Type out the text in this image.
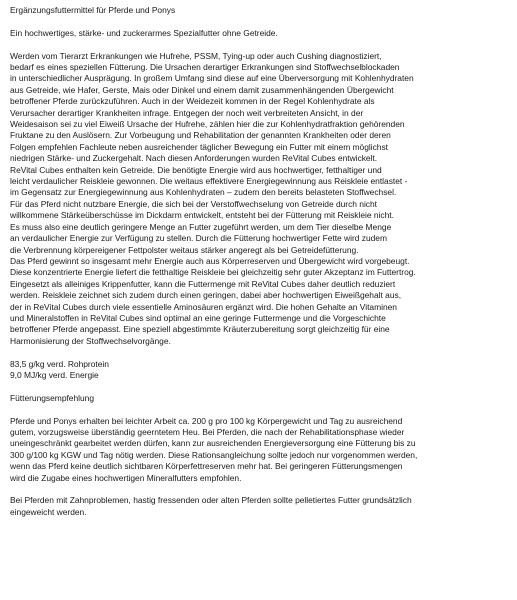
Ergänzungsfuttermittel für Pferde und Ponys

Ein hochwertiges, stärke- und zuckerarmes Spezialfutter ohne Getreide.

Werden vom Tierarzt Erkrankungen wie Hufrehe, PSSM, Tying-up oder auch Cushing diagnostiziert,
bedarf es eines speziellen Fütterung. Die Ursachen derartiger Erkrankungen sind Stoffwechselblockaden
in unterschiedlicher Ausprägung. In großem Umfang sind diese auf eine Überversorgung mit Kohlenhydraten
aus Getreide, wie Hafer, Gerste, Mais oder Dinkel und einem damit zusammenhängenden Übergewicht
betroffener Pferde zurückzuführen. Auch in der Weidezeit kommen in der Regel Kohlenhydrate als
Verursacher derartiger Krankheiten infrage. Entgegen der noch weit verbreiteten Ansicht, in der
Weidesaison sei zu viel Eiweiß Ursache der Hufrehe, zählen hier die zur Kohlenhydratfraktion gehörenden
Fruktane zu den Auslösern. Zur Vorbeugung und Rehabilitation der genannten Krankheiten oder deren
Folgen empfehlen Fachleute neben ausreichender täglicher Bewegung ein Futter mit einem möglichst
niedrigen Stärke- und Zuckergehalt. Nach diesen Anforderungen wurden ReVital Cubes entwickelt.
ReVital Cubes enthalten kein Getreide. Die benötigte Energie wird aus hochwertiger, fetthaltiger und
leicht verdaulicher Reiskleie gewonnen. Die weitaus effektivere Energiegewinnung aus Reiskleie entlastet -
im Gegensatz zur Energiegewinnung aus Kohlenhydraten – zudem den bereits belasteten Stoffwechsel.
Für das Pferd nicht nutzbare Energie, die sich bei der Verstoffwechselung von Getreide durch nicht
willkommene Stärkeüberschüsse im Dickdarm entwickelt, entsteht bei der Fütterung mit Reiskleie nicht.
Es muss also eine deutlich geringere Menge an Futter zugeführt werden, um dem Tier dieselbe Menge
an verdaulicher Energie zur Verfügung zu stellen. Durch die Fütterung hochwertiger Fette wird zudem
die Verbrennung körpereigener Fettpolster weitaus stärker angeregt als bei Getreidefütterung.
Das Pferd gewinnt so insgesamt mehr Energie auch aus Körperreserven und Übergewicht wird vorgebeugt.
Diese konzentrierte Energie liefert die fetthaltige Reiskleie bei gleichzeitig sehr guter Akzeptanz im Futtertrog.
Eingesetzt als alleiniges Krippenfutter, kann die Futtermenge mit ReVital Cubes daher deutlich reduziert
werden. Reiskleie zeichnet sich zudem durch einen geringen, dabei aber hochwertigen Eiweißgehalt aus,
der in ReVital Cubes durch viele essentielle Aminosäuren ergänzt wird. Die hohen Gehalte an Vitaminen
und Mineralstoffen in ReVital Cubes sind optimal an eine geringe Futtermenge und die Vorgeschichte
betroffener Pferde angepasst. Eine speziell abgestimmte Kräuterzubereitung sorgt gleichzeitig für eine
Harmonisierung der Stoffwechselvorgänge.

83,5 g/kg verd. Rohprotein
9,0 MJ/kg verd. Energie

Fütterungsempfehlung

Pferde und Ponys erhalten bei leichter Arbeit ca. 200 g pro 100 kg Körpergewicht und Tag zu ausreichend
gutem, vorzugsweise überständig geerntetem Heu. Bei Pferden, die nach der Rehabilitationsphase wieder
uneingeschränkt gearbeitet werden dürfen, kann zur ausreichenden Energieversorgung eine Fütterung bis zu
300 g/100 kg KGW und Tag nötig werden. Diese Rationsangleichung sollte jedoch nur vorgenommen werden,
wenn das Pferd keine deutlich sichtbaren Körperfettreserven mehr hat. Bei geringeren Fütterungsmengen
wird die Zugabe eines hochwertigen Mineralfutters empfohlen.

Bei Pferden mit Zahnproblemen, hastig fressenden oder alten Pferden sollte pelletiertes Futter grundsätzlich
eingeweicht werden.
